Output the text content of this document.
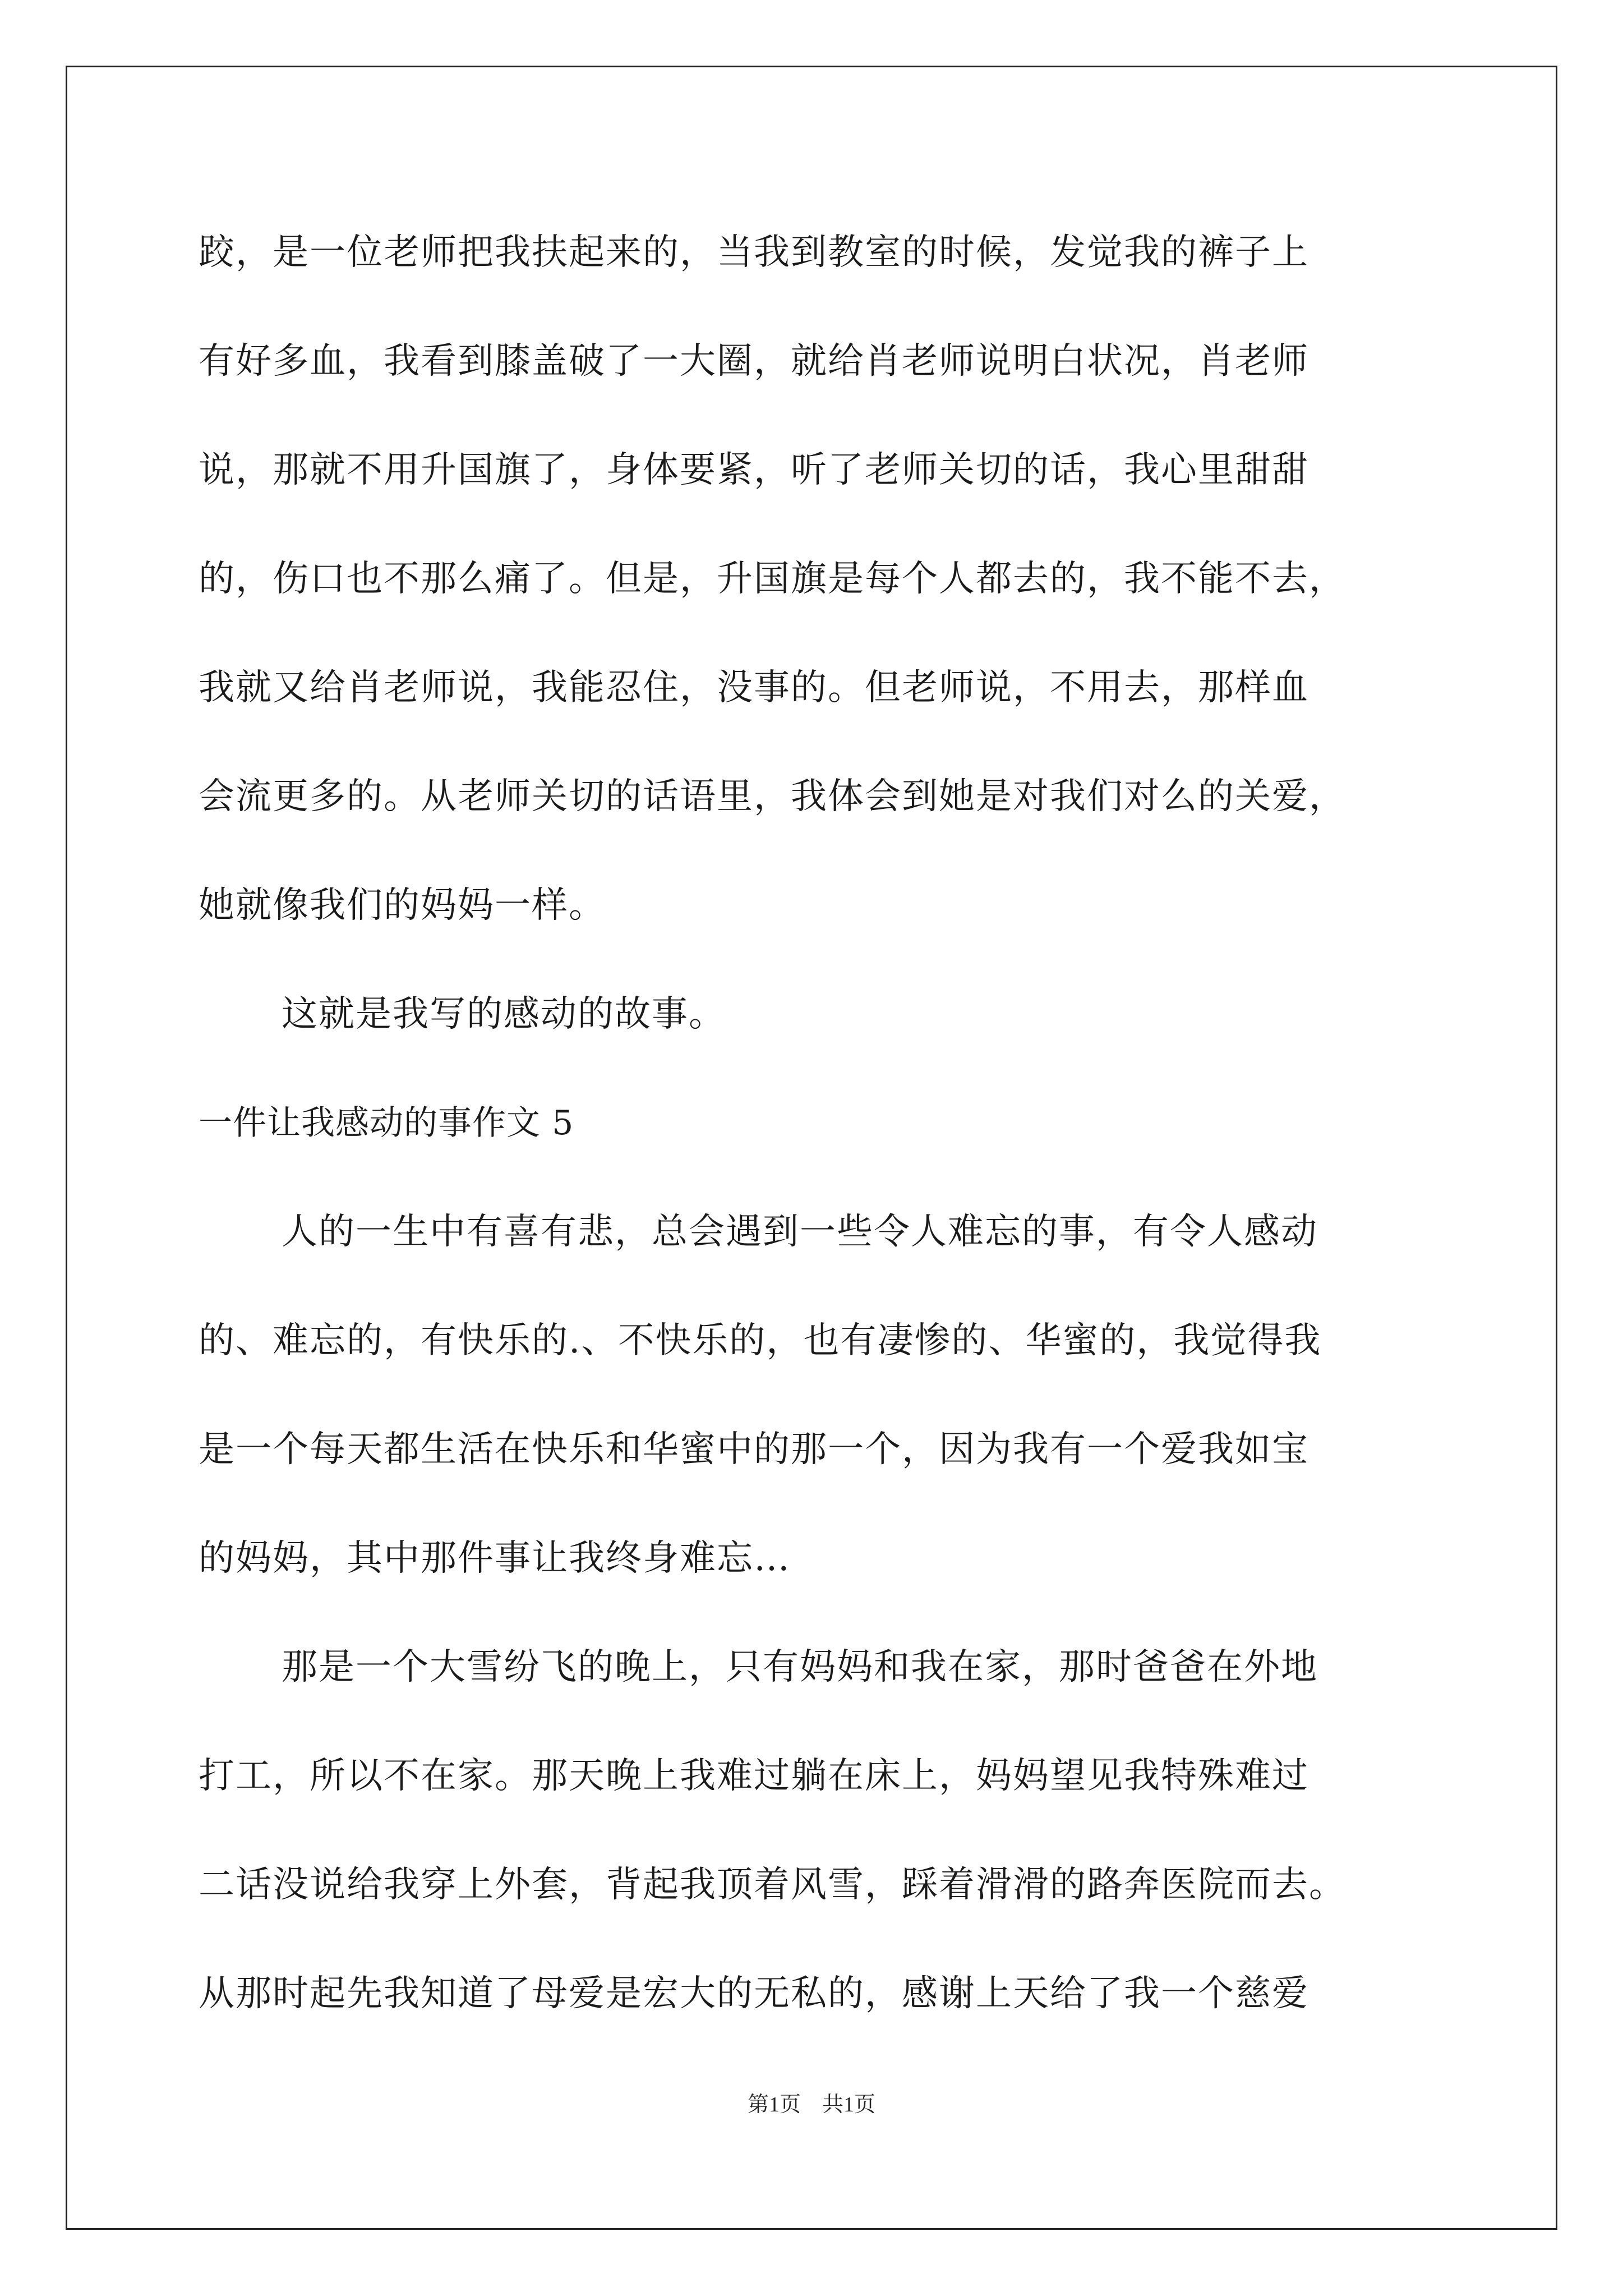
跤，是一位老师把我扶起来的，当我到教室的时候，发觉我的裤子上
有好多血，我看到膝盖破了一大圈，就给肖老师说明白状况，肖老师
说，那就不用升国旗了，身体要紧，听了老师关切的话，我心里甜甜
的，伤口也不那么痛了。但是，升国旗是每个人都去的，我不能不去，
我就又给肖老师说，我能忍住，没事的。但老师说，不用去，那样血
会流更多的。从老师关切的话语里，我体会到她是对我们对么的关爱，
她就像我们的妈妈一样。
这就是我写的感动的故事。
一件让我感动的事作文 5
人的一生中有喜有悲，总会遇到一些令人难忘的事，有令人感动
的、难忘的，有快乐的.、不快乐的，也有凄惨的、华蜜的，我觉得我
是一个每天都生活在快乐和华蜜中的那一个，因为我有一个爱我如宝
的妈妈，其中那件事让我终身难忘…
那是一个大雪纷飞的晚上，只有妈妈和我在家，那时爸爸在外地
打工，所以不在家。那天晚上我难过躺在床上，妈妈望见我特殊难过
二话没说给我穿上外套，背起我顶着风雪，踩着滑滑的路奔医院而去。
从那时起先我知道了母爱是宏大的无私的，感谢上天给了我一个慈爱
第1页　共1页
